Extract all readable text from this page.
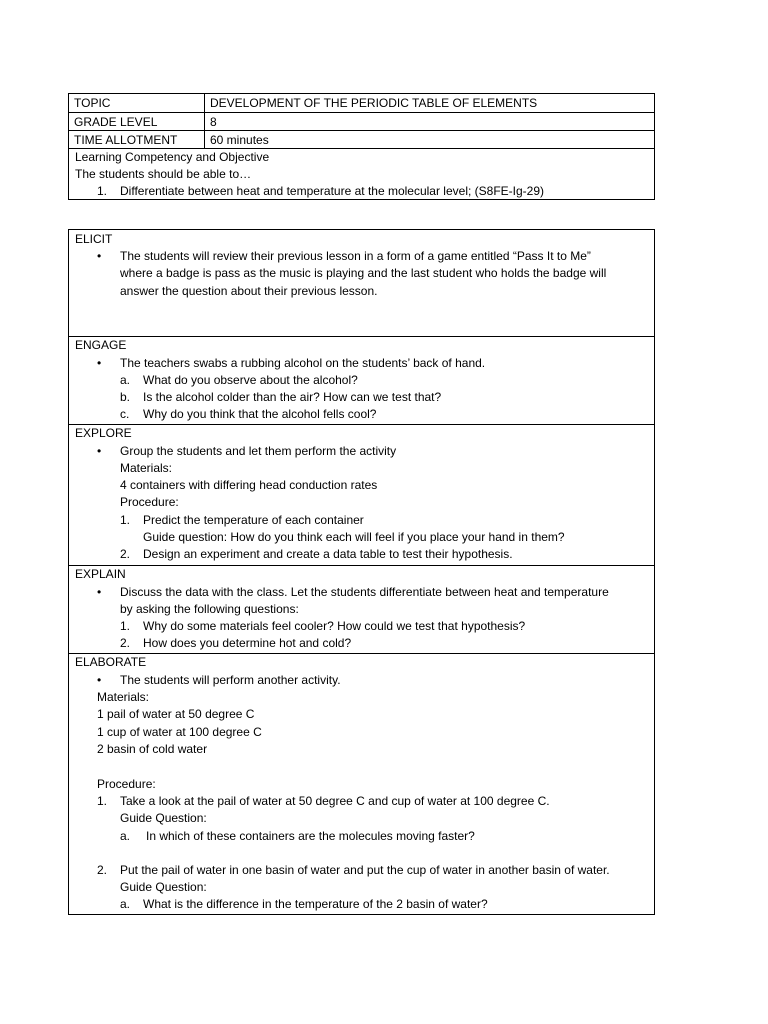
TOPIC	DEVELOPMENT OF THE PERIODIC TABLE OF ELEMENTS
GRADE LEVEL	8
TIME ALLOTMENT	60 minutes
Learning Competency and Objective
The students should be able to…
1. Differentiate between heat and temperature at the molecular level; (S8FE-Ig-29)
ELICIT
• The students will review their previous lesson in a form of a game entitled “Pass It to Me”
where a badge is pass as the music is playing and the last student who holds the badge will
answer the question about their previous lesson.
ENGAGE
• The teachers swabs a rubbing alcohol on the students’ back of hand.
a. What do you observe about the alcohol?
b. Is the alcohol colder than the air? How can we test that?
c. Why do you think that the alcohol fells cool?
EXPLORE
• Group the students and let them perform the activity
Materials:
4 containers with differing head conduction rates
Procedure:
1. Predict the temperature of each container
Guide question: How do you think each will feel if you place your hand in them?
2. Design an experiment and create a data table to test their hypothesis.
EXPLAIN
• Discuss the data with the class. Let the students differentiate between heat and temperature
by asking the following questions:
1. Why do some materials feel cooler? How could we test that hypothesis?
2. How does you determine hot and cold?
ELABORATE
• The students will perform another activity.
Materials:
1 pail of water at 50 degree C
1 cup of water at 100 degree C
2 basin of cold water
Procedure:
1. Take a look at the pail of water at 50 degree C and cup of water at 100 degree C.
Guide Question:
a. In which of these containers are the molecules moving faster?
2. Put the pail of water in one basin of water and put the cup of water in another basin of water.
Guide Question:
a. What is the difference in the temperature of the 2 basin of water?
